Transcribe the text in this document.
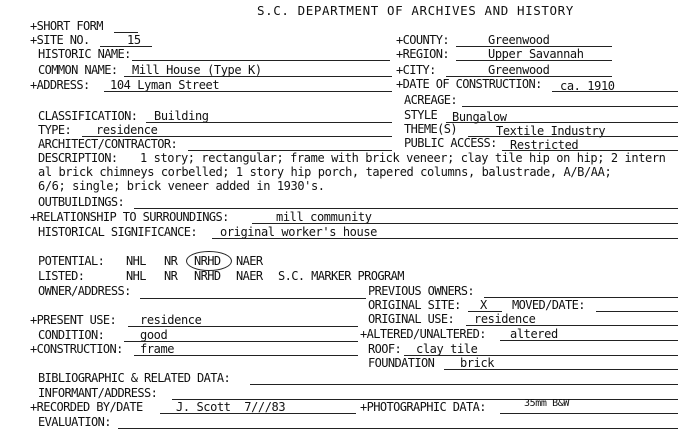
S.C. DEPARTMENT OF ARCHIVES AND HISTORY
+SHORT FORM
+SITE NO.	15	+COUNTY:	Greenwood
HISTORIC NAME:	+REGION:	Upper Savannah
COMMON NAME: Mill House (Type K)	+CITY:	Greenwood
+ADDRESS: 104 Lyman Street	+DATE OF CONSTRUCTION: ca. 1910
ACREAGE:
CLASSIFICATION: Building	STYLE Bungalow
TYPE: residence	THEME(S)	Textile Industry
ARCHITECT/CONTRACTOR:	PUBLIC ACCESS: Restricted
DESCRIPTION: 1 story; rectangular; frame with brick veneer; clay tile hip on hip; 2 intern
al brick chimneys corbelled; 1 story hip porch, tapered columns, balustrade, A/B/AA;
6/6; single; brick veneer added in 1930's.
OUTBUILDINGS:
+RELATIONSHIP TO SURROUNDINGS:	mill community
HISTORICAL SIGNIFICANCE: original worker's house
POTENTIAL: NHL NR NRHD NAER
LISTED:	NHL NR NRHD NAER S.C. MARKER PROGRAM
OWNER/ADDRESS:	PREVIOUS OWNERS:
ORIGINAL SITE: X MOVED/DATE:
+PRESENT USE: residence	ORIGINAL USE: residence
CONDITION:	good	+ALTERED/UNALTERED: altered
+CONSTRUCTION: frame	ROOF: clay tile
FOUNDATION brick
BIBLIOGRAPHIC & RELATED DATA:
INFORMANT/ADDRESS:
+RECORDED BY/DATE	J. Scott  7///83	+PHOTOGRAPHIC DATA:	35mm B&W
EVALUATION:
